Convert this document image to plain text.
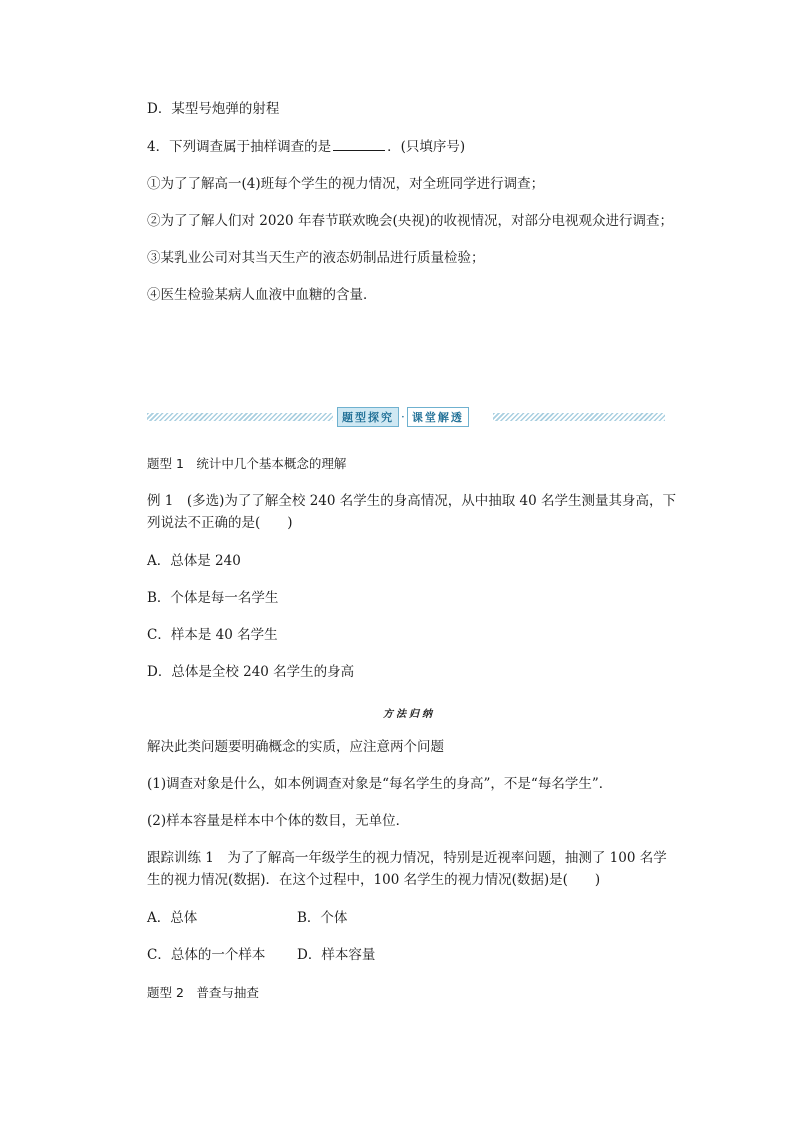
D．某型号炮弹的射程
4．下列调查属于抽样调查的是	．(只填序号)
①为了了解高一(4)班每个学生的视力情况，对全班同学进行调查；
②为了了解人们对 2020 年春节联欢晚会(央视)的收视情况，对部分电视观众进行调查；
③某乳业公司对其当天生产的液态奶制品进行质量检验；
④医生检验某病人血液中血糖的含量．
题型探究 · 课堂解透
题型 1　统计中几个基本概念的理解
例 1　(多选)为了了解全校 240 名学生的身高情况，从中抽取 40 名学生测量其身高，下
列说法不正确的是(　　)
A．总体是 240
B．个体是每一名学生
C．样本是 40 名学生
D．总体是全校 240 名学生的身高
方法归纳
解决此类问题要明确概念的实质，应注意两个问题
(1)调查对象是什么，如本例调查对象是“每名学生的身高”，不是“每名学生”．
(2)样本容量是样本中个体的数目，无单位．
跟踪训练 1　为了了解高一年级学生的视力情况，特别是近视率问题，抽测了 100 名学
生的视力情况(数据)．在这个过程中，100 名学生的视力情况(数据)是(　　)
A．总体	B．个体
C．总体的一个样本 D．样本容量
题型 2　普查与抽查
